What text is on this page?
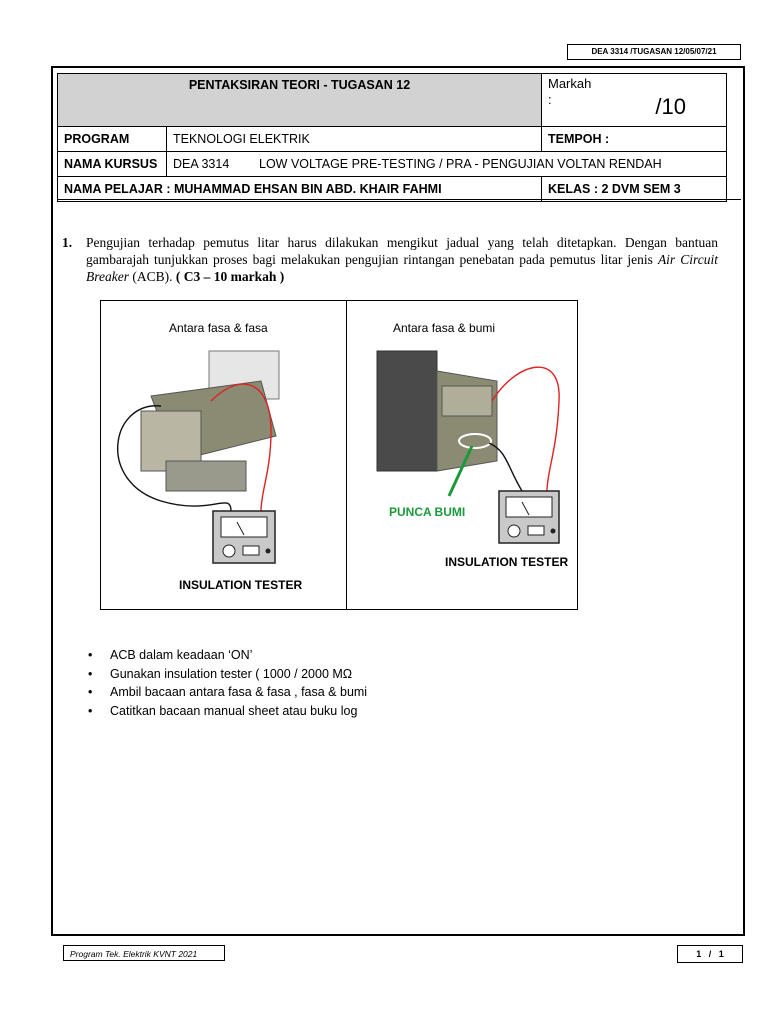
DEA 3314 /TUGASAN 12/05/07/21
PENTAKSIRAN TEORI - TUGASAN 12		Markah
: /10

PROGRAM	TEKNOLOGI ELEKTRIK	TEMPOH :
NAMA KURSUS	DEA 3314 LOW VOLTAGE PRE-TESTING / PRA - PENGUJIAN VOLTAN RENDAH	
NAMA PELAJAR : MUHAMMAD EHSAN BIN ABD. KHAIR FAHMI		KELAS : 2 DVM SEM 3
1. Pengujian terhadap pemutus litar harus dilakukan mengikut jadual yang telah ditetapkan. Dengan bantuan gambarajah tunjukkan proses bagi melakukan pengujian rintangan penebatan pada pemutus litar jenis Air Circuit Breaker (ACB). ( C3 – 10 markah )
Antara fasa & fasa	Antara fasa & bumi
INSULATION TESTER
PUNCA BUMI
INSULATION TESTER
• ACB dalam keadaan ‘ON’
• Gunakan insulation tester ( 1000 / 2000 MΩ
• Ambil bacaan antara fasa & fasa , fasa & bumi
• Catitkan bacaan manual sheet atau buku log
Program Tek. Elektrik KVNT 2021	1 / 1
